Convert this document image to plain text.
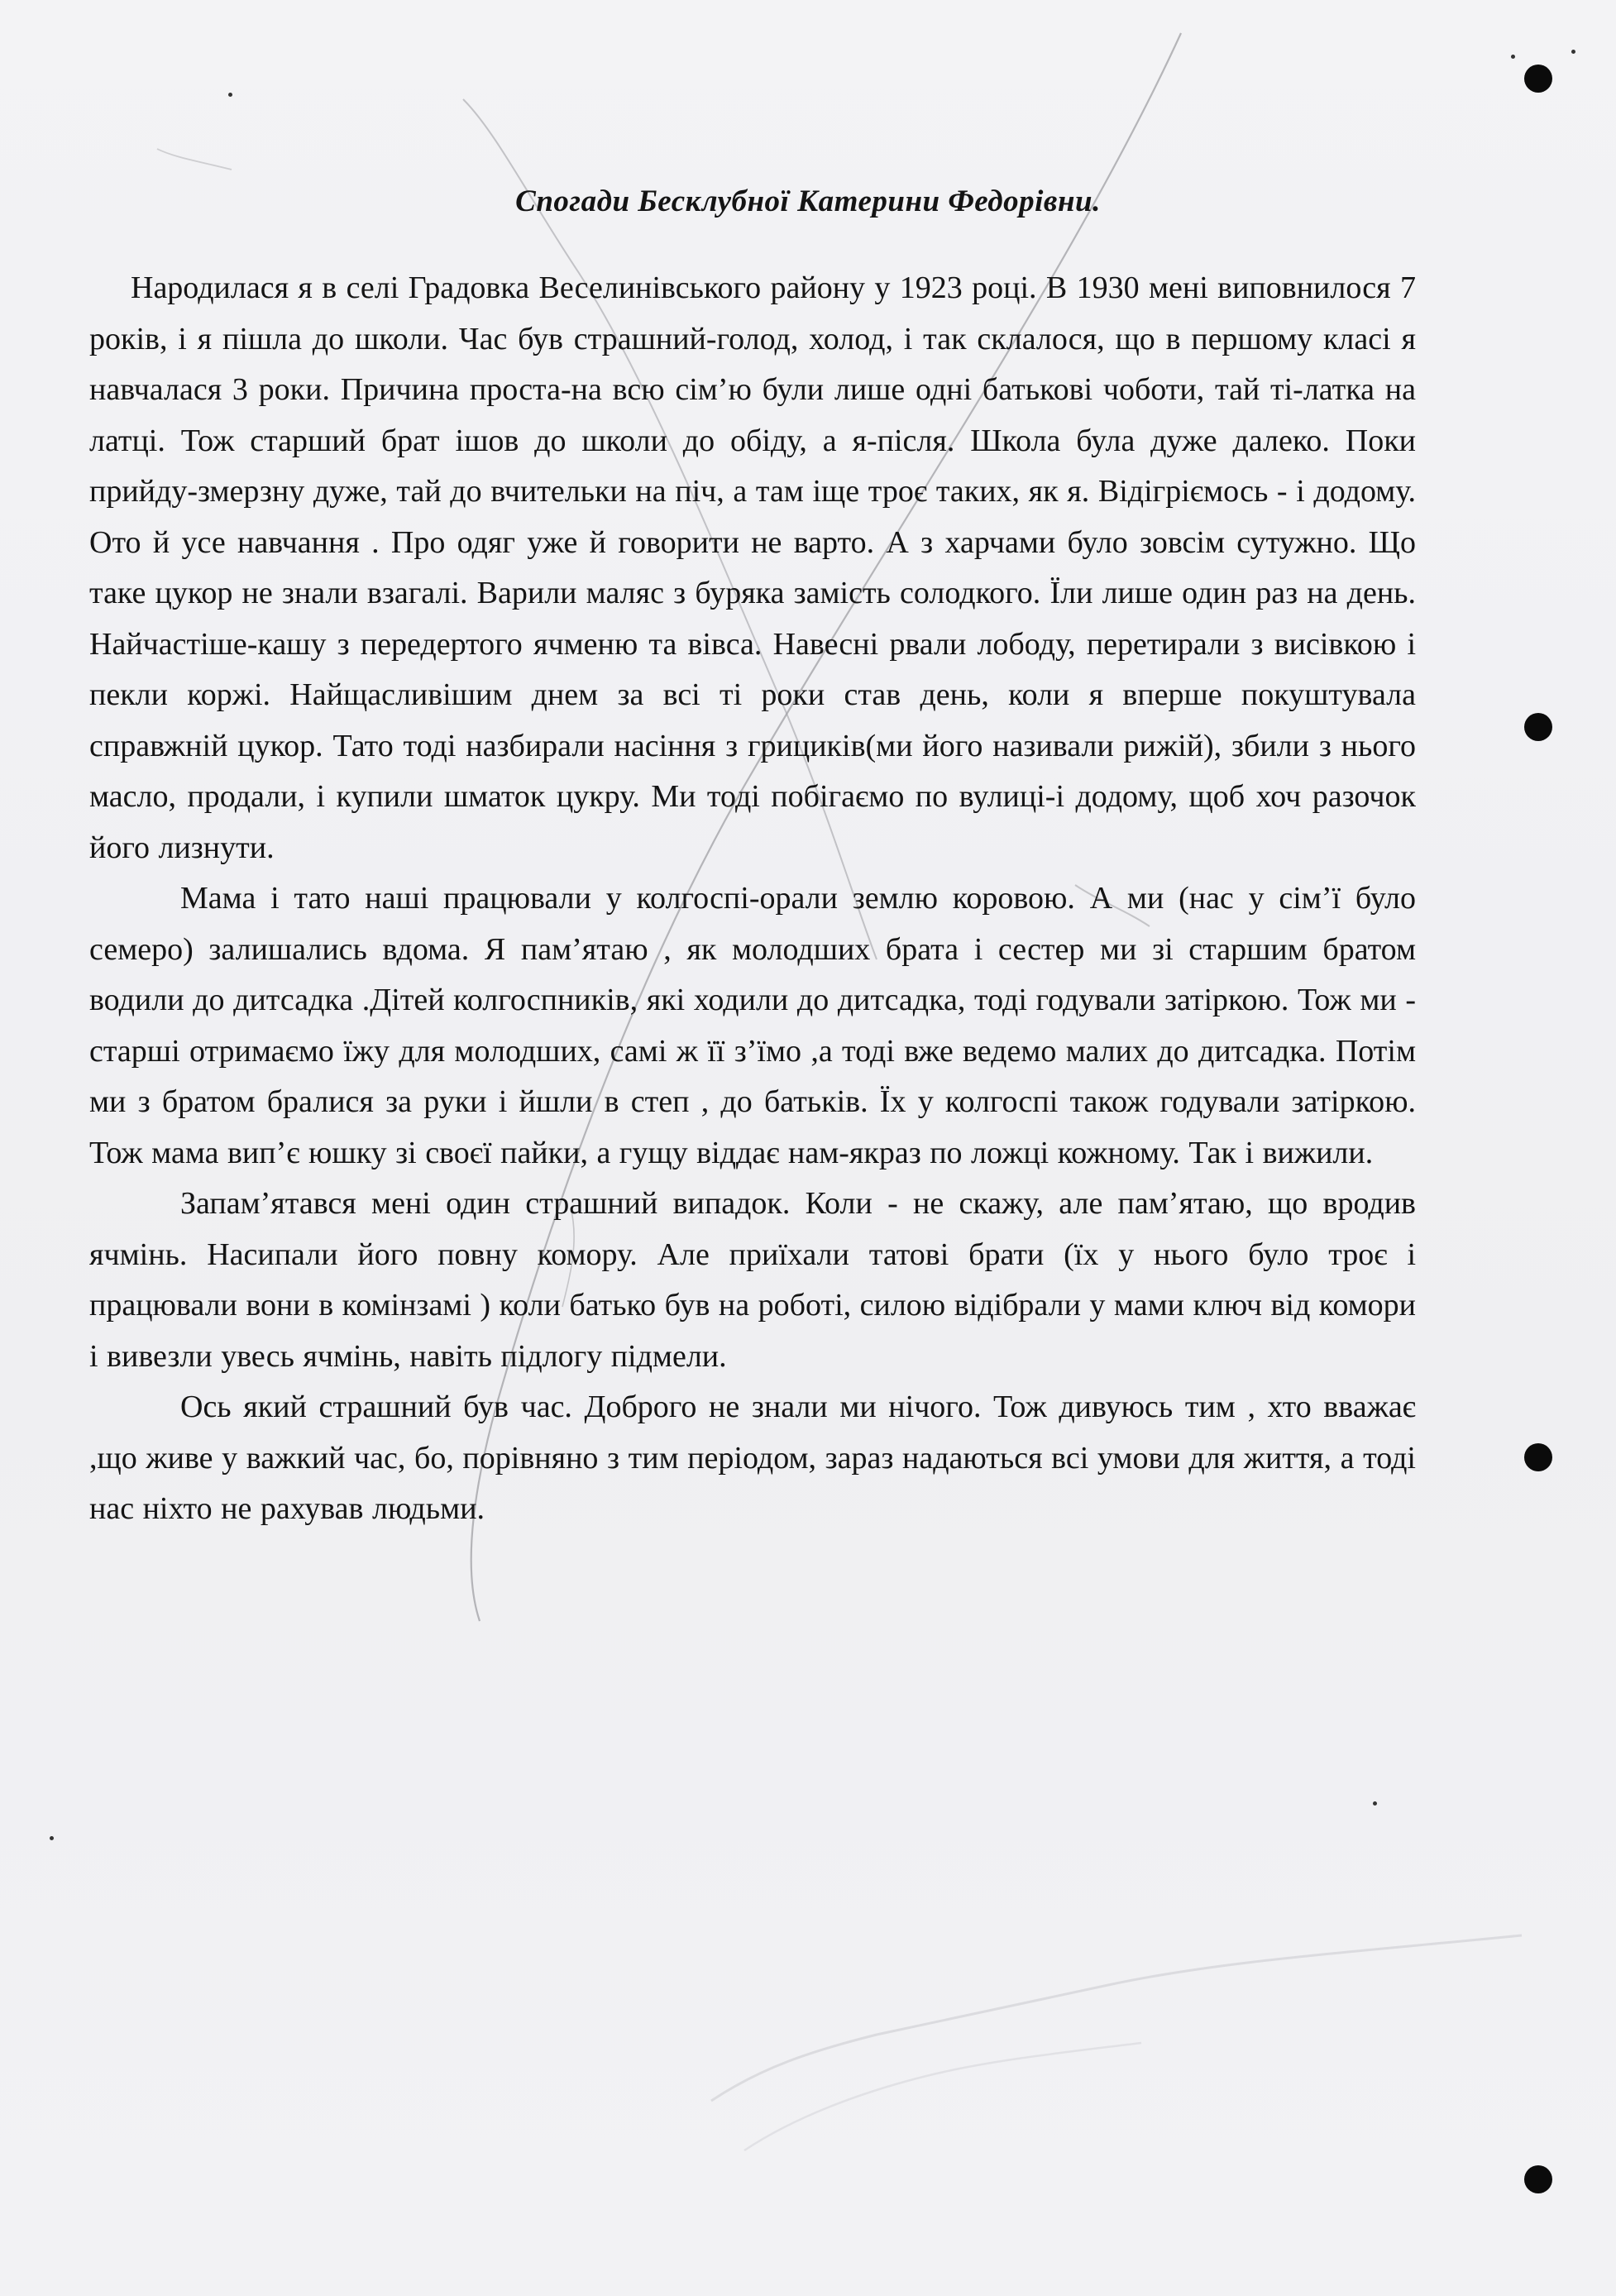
Спогади Бесклубної Катерини Федорівни.

Народилася я в селі Градовка Веселинівського району у 1923 році. В 1930 мені виповнилося 7 років, і я пішла до школи. Час був страшний-голод, холод, і так склалося, що в першому класі я навчалася 3 роки. Причина проста-на всю сім’ю були лише одні батькові чоботи, тай ті-латка на латці. Тож старший брат ішов до школи до обіду, а я-після. Школа була дуже далеко. Поки прийду-змерзну дуже, тай до вчительки на піч, а там іще троє таких, як я. Відігріємось - і додому. Ото й усе навчання . Про одяг уже й говорити не варто. А з харчами було зовсім сутужно. Що таке цукор не знали взагалі. Варили маляс з буряка замість солодкого. Їли лише один раз на день. Найчастіше-кашу з передертого ячменю та вівса. Навесні рвали лободу, перетирали з висівкою і пекли коржі. Найщасливішим днем за всі ті роки став день, коли я вперше покуштувала справжній цукор. Тато тоді назбирали насіння з грициків(ми його називали рижій), збили з нього масло, продали, і купили шматок цукру. Ми тоді побігаємо по вулиці-і додому, щоб хоч разочок його лизнути.

Мама і тато наші працювали у колгоспі-орали землю коровою. А ми (нас у сім’ї було семеро) залишались вдома. Я пам’ятаю , як молодших брата і сестер ми зі старшим братом водили до дитсадка .Дітей колгоспників, які ходили до дитсадка, тоді годували затіркою. Тож ми - старші отримаємо їжу для молодших, самі ж її з’їмо ,а тоді вже ведемо малих до дитсадка. Потім ми з братом бралися за руки і йшли в степ , до батьків. Їх у колгоспі також годували затіркою. Тож мама вип’є юшку зі своєї пайки, а гущу віддає нам-якраз по ложці кожному. Так і вижили.

Запам’ятався мені один страшний випадок. Коли - не скажу, але пам’ятаю, що вродив ячмінь. Насипали його повну комору. Але приїхали татові брати (їх у нього було троє і працювали вони в комінзамі ) коли батько був на роботі, силою відібрали у мами ключ від комори і вивезли увесь ячмінь, навіть підлогу підмели.

Ось який страшний був час. Доброго не знали ми нічого. Тож дивуюсь тим , хто вважає ,що живе у важкий час, бо, порівняно з тим періодом, зараз надаються всі умови для життя, а тоді нас ніхто не рахував людьми.
